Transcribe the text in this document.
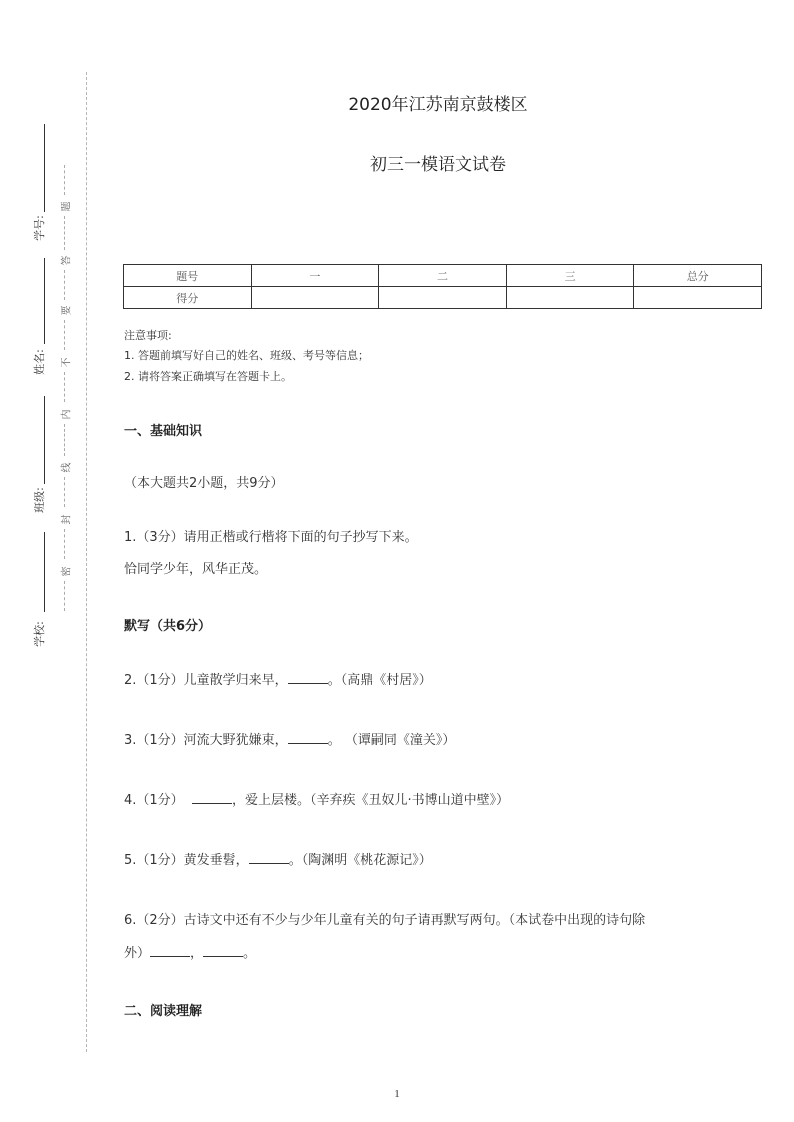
学号:
姓名:
班级:
学校:
题
答
要
不
内
线
封
密
2020年江苏南京鼓楼区
初三一模语文试卷
题号	一	二	三	总分
得分				
注意事项:
1. 答题前填写好自己的姓名、班级、考号等信息；
2. 请将答案正确填写在答题卡上。
一、基础知识
（本大题共2小题，共9分）
1.（3分）请用正楷或行楷将下面的句子抄写下来。
恰同学少年，风华正茂。
默写（共6分）
2.（1分）儿童散学归来早，	。（高鼎《村居》）
3.（1分）河流大野犹嫌束，	。 （谭嗣同《潼关》）
4.（1分）	，爱上层楼。（辛弃疾《丑奴儿·书博山道中壁》）
5.（1分）黄发垂髫，	。（陶渊明《桃花源记》）
6.（2分）古诗文中还有不少与少年儿童有关的句子请再默写两句。（本试卷中出现的诗句除
外）	，	。
二、阅读理解
1
